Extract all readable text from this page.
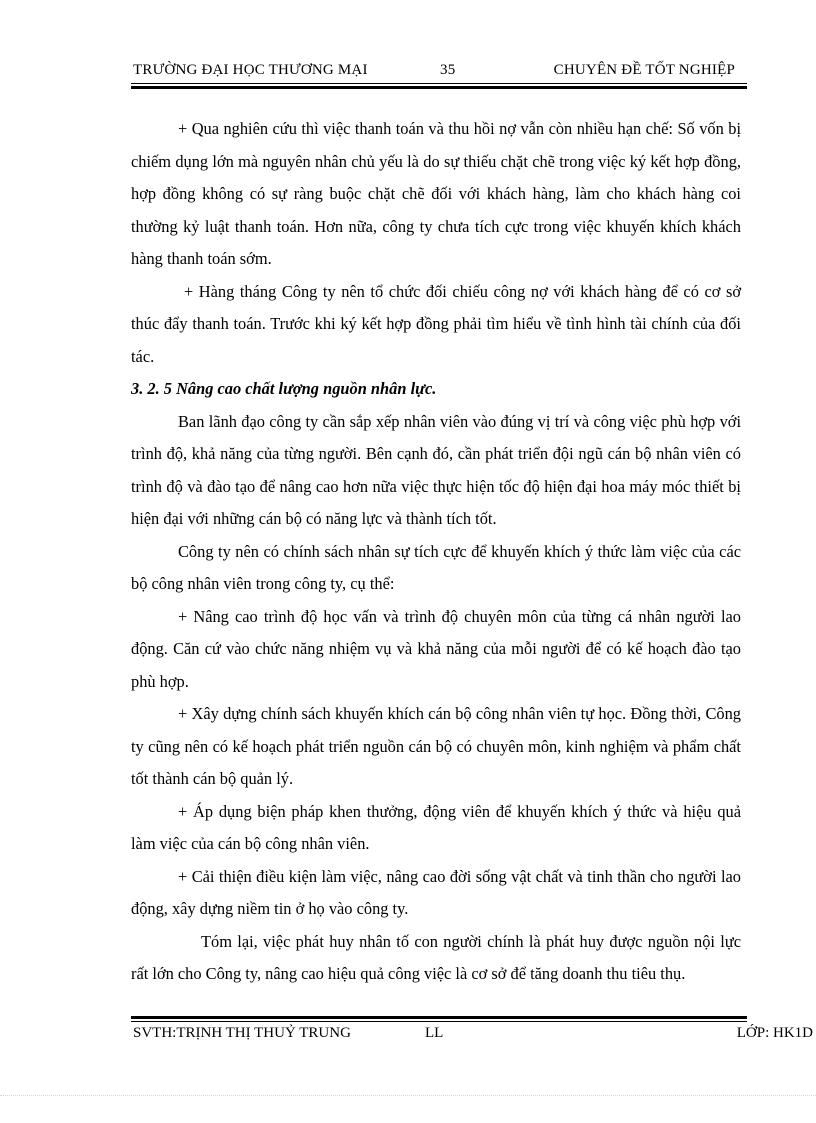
TRƯỜNG ĐẠI HỌC THƯƠNG MẠI	35	CHUYÊN ĐỀ TỐT NGHIỆP

+ Qua nghiên cứu thì việc thanh toán và thu hồi nợ vẫn còn nhiều hạn chế: Số vốn bị chiếm dụng lớn mà nguyên nhân chủ yếu là do sự thiếu chặt chẽ trong việc ký kết hợp đồng, hợp đồng không có sự ràng buộc chặt chẽ đối với khách hàng, làm cho khách hàng coi thường kỷ luật thanh toán. Hơn nữa, công ty chưa tích cực trong việc khuyến khích khách hàng thanh toán sớm.

+ Hàng tháng Công ty nên tổ chức đối chiếu công nợ với khách hàng để có cơ sở thúc đẩy thanh toán. Trước khi ký kết hợp đồng phải tìm hiểu về tình hình tài chính của đối tác.

3. 2. 5 Nâng cao chất lượng nguồn nhân lực.

Ban lãnh đạo công ty cần sắp xếp nhân viên vào đúng vị trí và công việc phù hợp với trình độ, khả năng của từng người. Bên cạnh đó, cần phát triển đội ngũ cán bộ nhân viên có trình độ và đào tạo để nâng cao hơn nữa việc thực hiện tốc độ hiện đại hoa máy móc thiết bị hiện đại với những cán bộ có năng lực và thành tích tốt.

Công ty nên có chính sách nhân sự tích cực để khuyến khích ý thức làm việc của các bộ công nhân viên trong công ty, cụ thể:

+ Nâng cao trình độ học vấn và trình độ chuyên môn của từng cá nhân người lao động. Căn cứ vào chức năng nhiệm vụ và khả năng của mỗi người để có kế hoạch đào tạo phù hợp.

+ Xây dựng chính sách khuyến khích cán bộ công nhân viên tự học. Đồng thời, Công ty cũng nên có kế hoạch phát triển nguồn cán bộ có chuyên môn, kinh nghiệm và phẩm chất tốt thành cán bộ quản lý.

+ Áp dụng biện pháp khen thưởng, động viên để khuyến khích ý thức và hiệu quả làm việc của cán bộ công nhân viên.

+ Cải thiện điều kiện làm việc, nâng cao đời sống vật chất và tinh thần cho người lao động, xây dựng niềm tin ở họ vào công ty.

Tóm lại, việc phát huy nhân tố con người chính là phát huy được nguồn nội lực rất lớn cho Công ty, nâng cao hiệu quả công việc là cơ sở để tăng doanh thu tiêu thụ.

SVTH:TRỊNH THỊ THUỶ TRUNG	LL	LỚP: HK1D
